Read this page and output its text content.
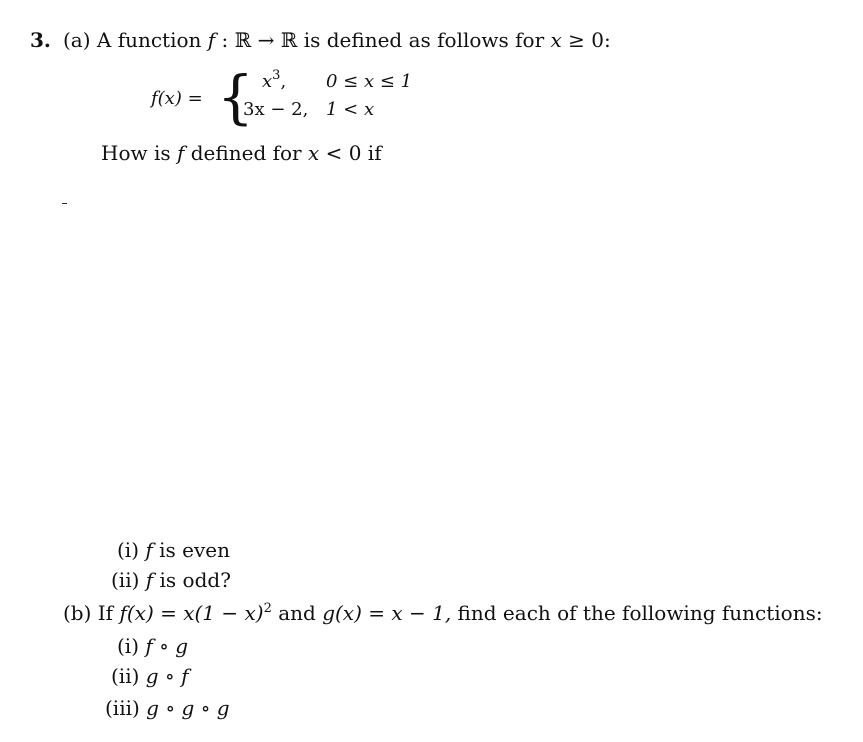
3. (a) A function f : ℝ → ℝ is defined as follows for x ≥ 0:
f(x) = { $x^3$, 0 ≤ x ≤ 1
3x − 2, 1 < x
How is f defined for x < 0 if
(i) f is even
(ii) f is odd?
(b) If $f(x) = x(1 - x)^2$ and g(x) = x − 1, find each of the following functions:
(i) f ∘ g
(ii) g ∘ f
(iii) g ∘ g ∘ g
